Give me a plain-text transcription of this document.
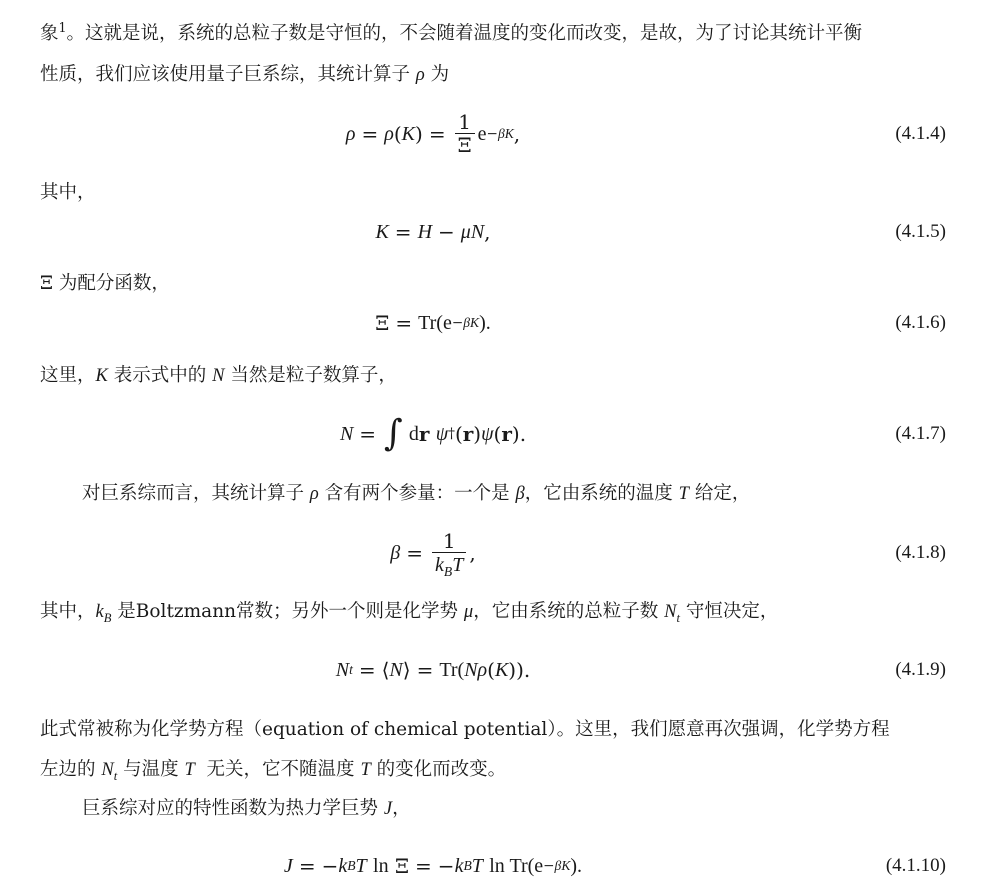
象$^1$。这就是说，系统的总粒子数是守恒的，不会随着温度的变化而改变，是故，为了讨论其统计平衡
性质，我们应该使用量子巨系综，其统计算子 ρ 为
ρ = ρ ( K ) = $\frac{1}{\Xi}$ e −βK ,	(4.1.4)
其中，
K = H − μN ,	(4.1.5)
Ξ 为配分函数，
Ξ = Tr(e −βK ).	(4.1.6)
这里，K 表示式中的 N 当然是粒子数算子，
N = ∫ d r
ψ † ( r ) ψ ( r ).	(4.1.7)
对巨系综而言，其统计算子 ρ 含有两个参量：一个是 β，它由系统的温度 T 给定，
$\beta = \frac{1}{k_BT}$ ,	(4.1.8)
其中，$k_B$ 是Boltzmann常数；另外一个则是化学势 μ，它由系统的总粒子数 $N_t$ 守恒决定，
N t = ⟨ N ⟩ = Tr( Nρ ( K )).	(4.1.9)
此式常被称为化学势方程（equation of chemical potential）。这里，我们愿意再次强调，化学势方程
左边的 $N_t$ 与温度 T  无关，它不随温度 T 的变化而改变。
巨系综对应的特性函数为热力学巨势 J，
J = − k B T
ln Ξ = − k B T
ln Tr(e −βK ).	(4.1.10)
